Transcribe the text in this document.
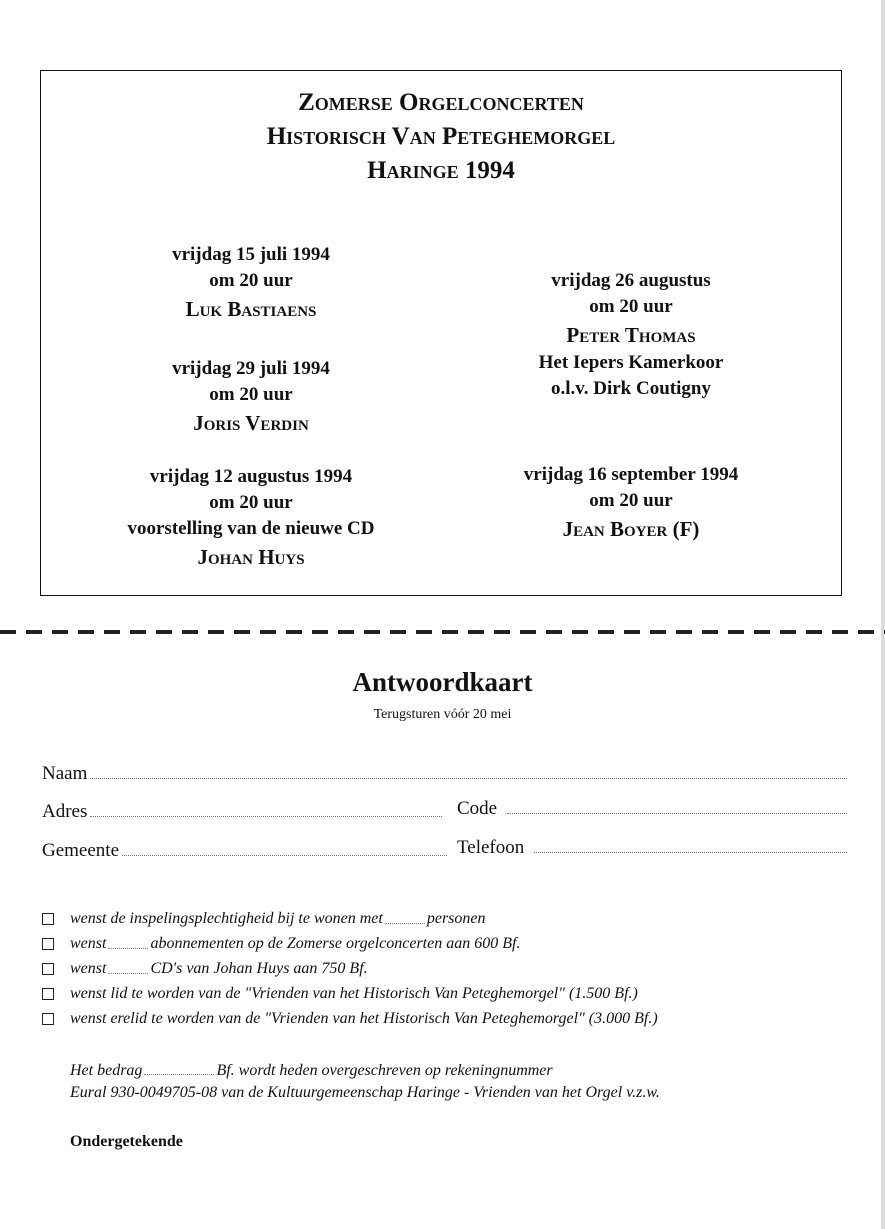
Zomerse Orgelconcerten
Historisch Van Peteghemorgel
Haringe 1994
vrijdag 15 juli 1994
om 20 uur
Luk Bastiaens
vrijdag 29 juli 1994
om 20 uur
Joris Verdin
vrijdag 12 augustus 1994
om 20 uur
voorstelling van de nieuwe CD
Johan Huys
vrijdag 26 augustus
om 20 uur
Peter Thomas
Het Iepers Kamerkoor
o.l.v. Dirk Coutigny
vrijdag 16 september 1994
om 20 uur
Jean Boyer (F)
Antwoordkaart
Terugsturen vóór 20 mei
Naam
Adres	Code
Gemeente	Telefoon
wenst de inspelingsplechtigheid bij te wonen met	personen
wenst	abonnementen op de Zomerse orgelconcerten aan 600 Bf.
wenst	CD's van Johan Huys aan 750 Bf.
wenst lid te worden van de "Vrienden van het Historisch Van Peteghemorgel" (1.500 Bf.)
wenst erelid te worden van de "Vrienden van het Historisch Van Peteghemorgel" (3.000 Bf.)
Het bedrag	Bf. wordt heden overgeschreven op rekeningnummer
Eural 930-0049705-08 van de Kultuurgemeenschap Haringe - Vrienden van het Orgel v.z.w.
Ondergetekende
